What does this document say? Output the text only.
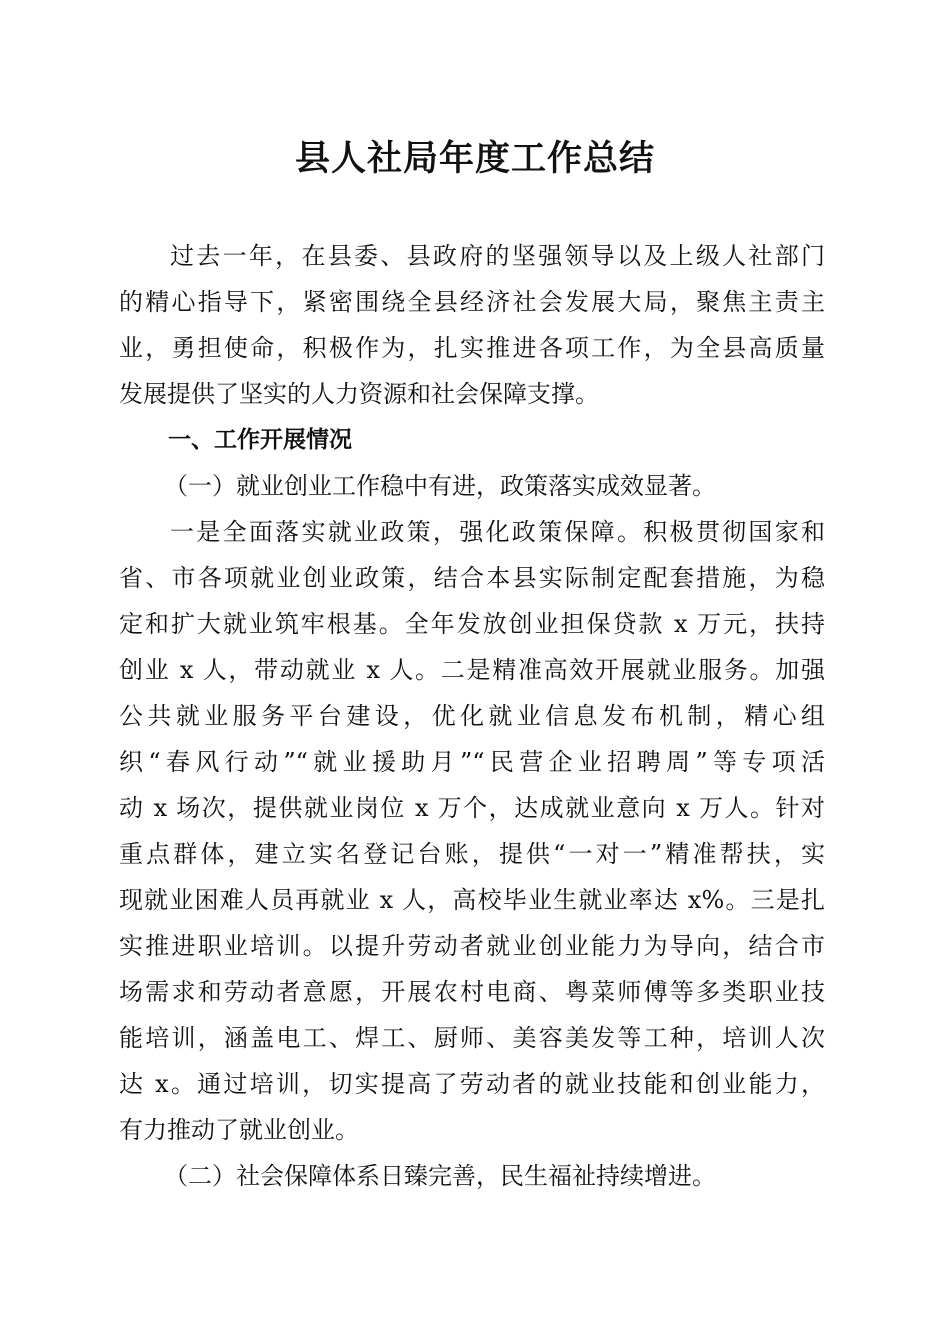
县人社局年度工作总结
过去一年，在县委、县政府的坚强领导以及上级人社部门
的精心指导下，紧密围绕全县经济社会发展大局，聚焦主责主
业，勇担使命，积极作为，扎实推进各项工作，为全县高质量
发展提供了坚实的人力资源和社会保障支撑。
一、工作开展情况
（一）就业创业工作稳中有进，政策落实成效显著。
一是全面落实就业政策，强化政策保障。积极贯彻国家和
省、市各项就业创业政策，结合本县实际制定配套措施，为稳
定和扩大就业筑牢根基。全年发放创业担保贷款 x 万元，扶持
创业 x 人，带动就业 x 人。二是精准高效开展就业服务。加强
公共就业服务平台建设，优化就业信息发布机制，精心组
织“春风行动”“就业援助月”“民营企业招聘周”等专项活
动 x 场次，提供就业岗位 x 万个，达成就业意向 x 万人。针对
重点群体，建立实名登记台账，提供“一对一”精准帮扶，实
现就业困难人员再就业 x 人，高校毕业生就业率达 x%。三是扎
实推进职业培训。以提升劳动者就业创业能力为导向，结合市
场需求和劳动者意愿，开展农村电商、粤菜师傅等多类职业技
能培训，涵盖电工、焊工、厨师、美容美发等工种，培训人次
达 x。通过培训，切实提高了劳动者的就业技能和创业能力，
有力推动了就业创业。
（二）社会保障体系日臻完善，民生福祉持续增进。
